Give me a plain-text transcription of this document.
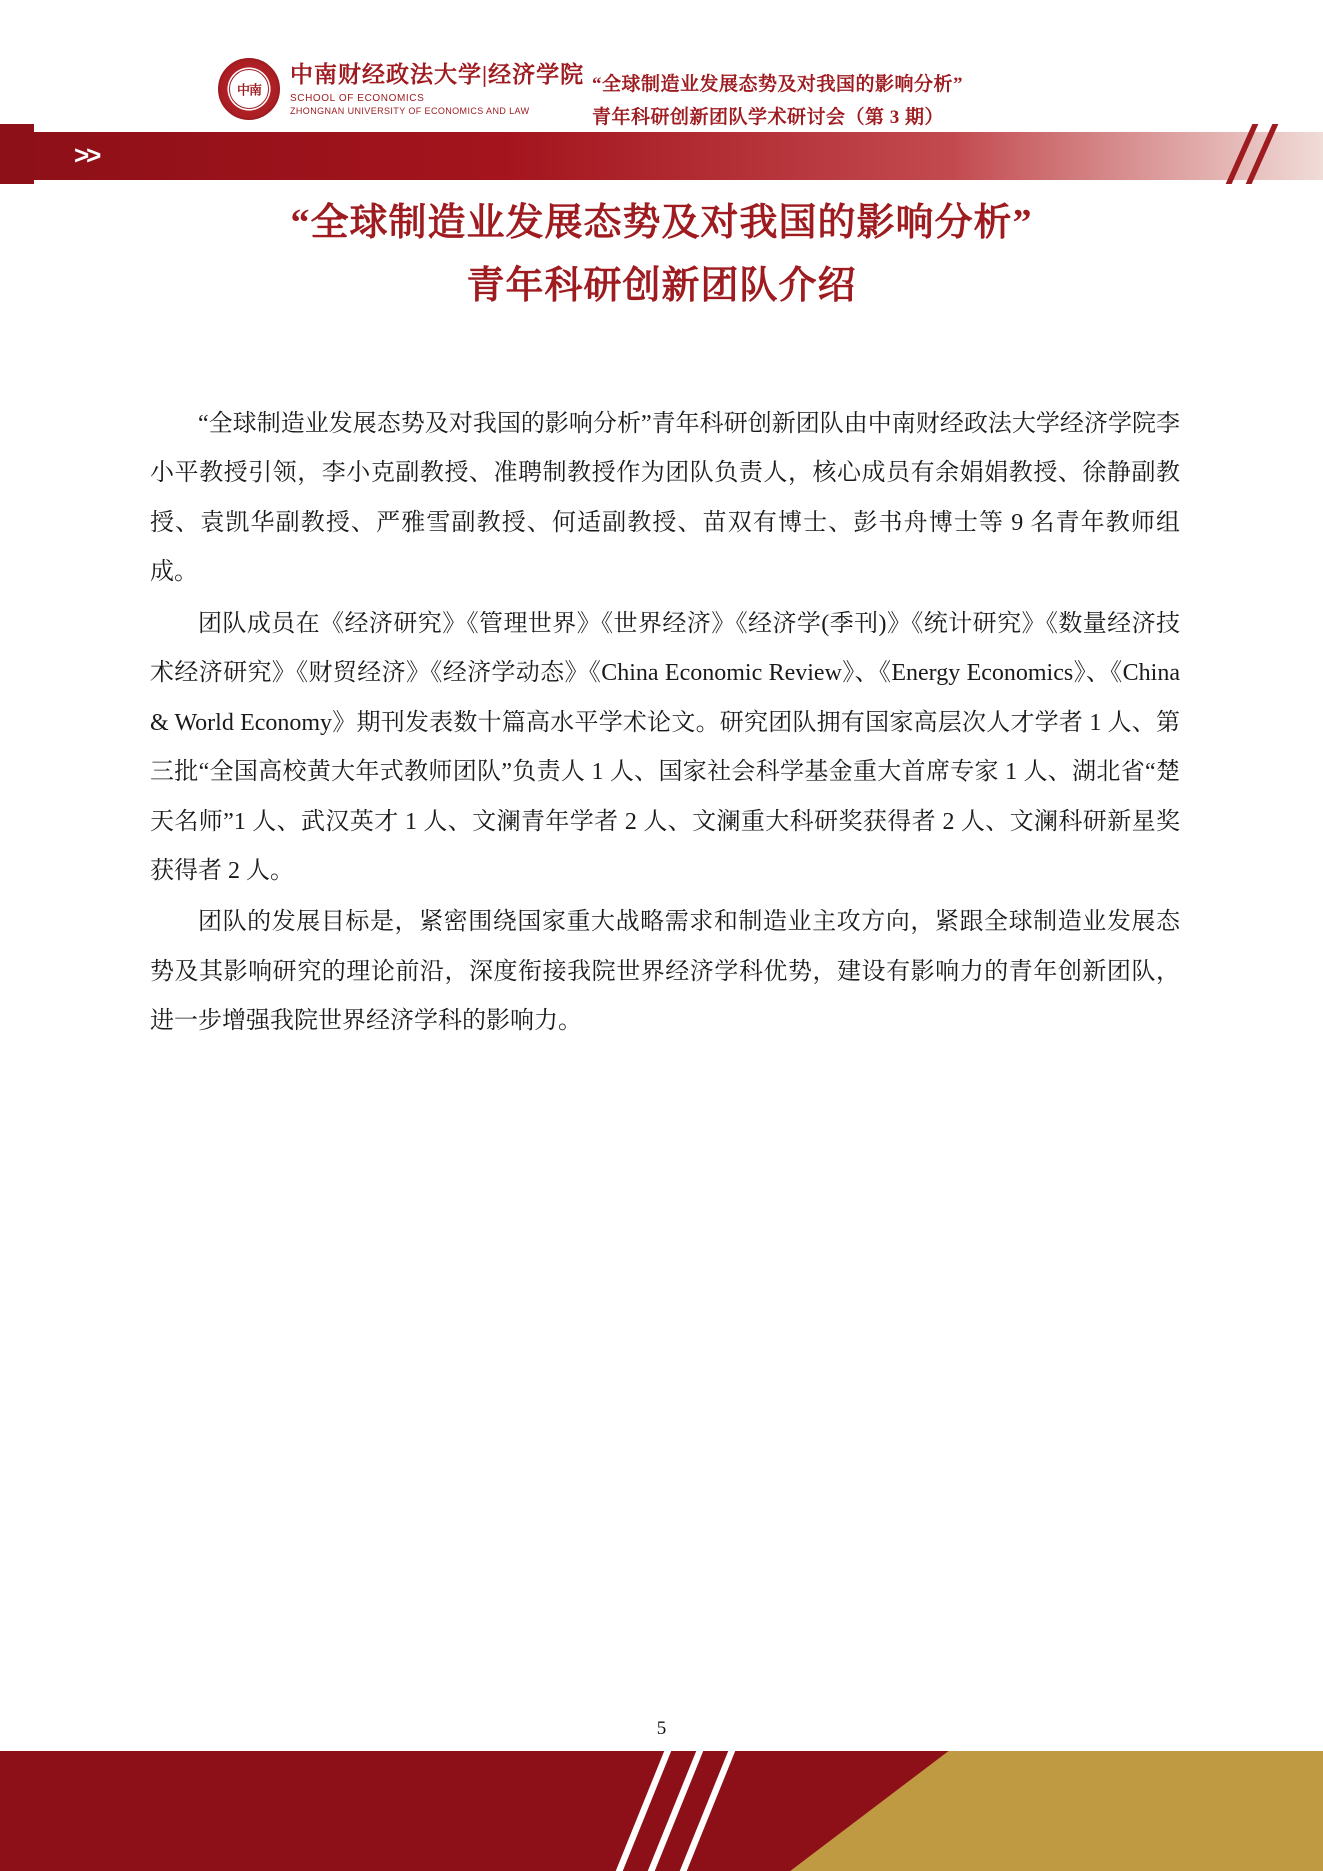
>>
中南
中南财经政法大学|经济学院
SCHOOL OF ECONOMICS
ZHONGNAN UNIVERSITY OF ECONOMICS AND LAW
“全球制造业发展态势及对我国的影响分析”
青年科研创新团队学术研讨会（第 3 期）
“全球制造业发展态势及对我国的影响分析”
青年科研创新团队介绍

“全球制造业发展态势及对我国的影响分析”青年科研创新团队由中南财经政法大学经济学院李小平教授引领，李小克副教授、准聘制教授作为团队负责人，核心成员有余娟娟教授、徐静副教授、袁凯华副教授、严雅雪副教授、何适副教授、苗双有博士、彭书舟博士等 9 名青年教师组成。

团队成员在《经济研究》《管理世界》《世界经济》《经济学(季刊)》《统计研究》《数量经济技术经济研究》《财贸经济》《经济学动态》《China Economic Review》、《Energy Economics》、《China & World Economy》期刊发表数十篇高水平学术论文。研究团队拥有国家高层次人才学者 1 人、第三批“全国高校黄大年式教师团队”负责人 1 人、国家社会科学基金重大首席专家 1 人、湖北省“楚天名师”1 人、武汉英才 1 人、文澜青年学者 2 人、文澜重大科研奖获得者 2 人、文澜科研新星奖获得者 2 人。

团队的发展目标是，紧密围绕国家重大战略需求和制造业主攻方向，紧跟全球制造业发展态势及其影响研究的理论前沿，深度衔接我院世界经济学科优势，建设有影响力的青年创新团队，进一步增强我院世界经济学科的影响力。

5
